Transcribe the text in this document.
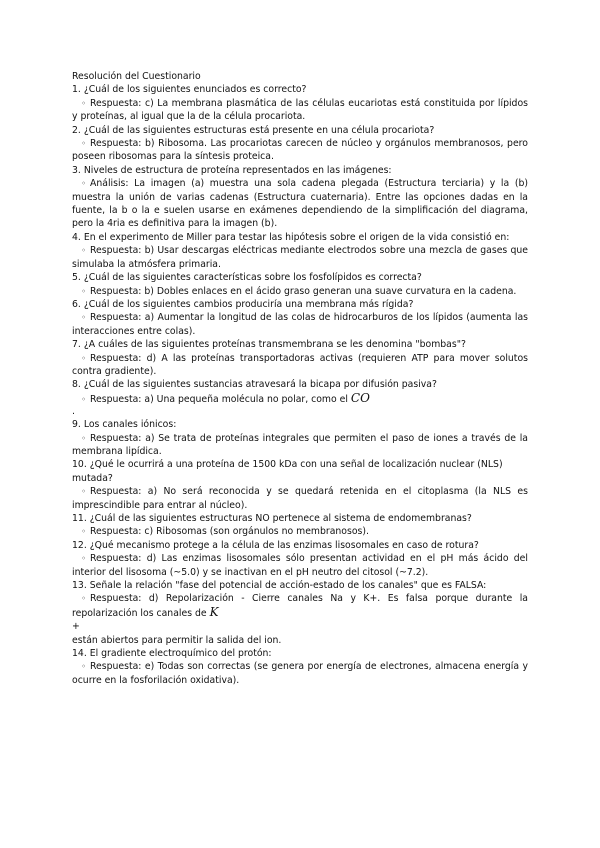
Resolución del Cuestionario
1. ¿Cuál de los siguientes enunciados es correcto?
◦ Respuesta: c) La membrana plasmática de las células eucariotas está constituida por lípidos y proteínas, al igual que la de la célula procariota.
2. ¿Cuál de las siguientes estructuras está presente en una célula procariota?
◦ Respuesta: b) Ribosoma. Las procariotas carecen de núcleo y orgánulos membranosos, pero poseen ribosomas para la síntesis proteica.
3. Niveles de estructura de proteína representados en las imágenes:
◦ Análisis: La imagen (a) muestra una sola cadena plegada (Estructura terciaria) y la (b) muestra la unión de varias cadenas (Estructura cuaternaria). Entre las opciones dadas en la fuente, la b o la e suelen usarse en exámenes dependiendo de la simplificación del diagrama, pero la 4ria es definitiva para la imagen (b).
4. En el experimento de Miller para testar las hipótesis sobre el origen de la vida consistió en:
◦ Respuesta: b) Usar descargas eléctricas mediante electrodos sobre una mezcla de gases que simulaba la atmósfera primaria.
5. ¿Cuál de las siguientes características sobre los fosfolípidos es correcta?
◦ Respuesta: b) Dobles enlaces en el ácido graso generan una suave curvatura en la cadena.
6. ¿Cuál de los siguientes cambios produciría una membrana más rígida?
◦ Respuesta: a) Aumentar la longitud de las colas de hidrocarburos de los lípidos (aumenta las interacciones entre colas).
7. ¿A cuáles de las siguientes proteínas transmembrana se les denomina "bombas"?
◦ Respuesta: d) A las proteínas transportadoras activas (requieren ATP para mover solutos contra gradiente).
8. ¿Cuál de las siguientes sustancias atravesará la bicapa por difusión pasiva?
◦ Respuesta: a) Una pequeña molécula no polar, como el CO
.
9. Los canales iónicos:
◦ Respuesta: a) Se trata de proteínas integrales que permiten el paso de iones a través de la membrana lipídica.
10. ¿Qué le ocurrirá a una proteína de 1500 kDa con una señal de localización nuclear (NLS) mutada?
◦ Respuesta: a) No será reconocida y se quedará retenida en el citoplasma (la NLS es imprescindible para entrar al núcleo).
11. ¿Cuál de las siguientes estructuras NO pertenece al sistema de endomembranas?
◦ Respuesta: c) Ribosomas (son orgánulos no membranosos).
12. ¿Qué mecanismo protege a la célula de las enzimas lisosomales en caso de rotura?
◦ Respuesta: d) Las enzimas lisosomales sólo presentan actividad en el pH más ácido del interior del lisosoma (~5.0) y se inactivan en el pH neutro del citosol (~7.2).
13. Señale la relación "fase del potencial de acción-estado de los canales" que es FALSA:
◦ Respuesta: d) Repolarización - Cierre canales Na y K+. Es falsa porque durante la repolarización los canales de K
+
están abiertos para permitir la salida del ion.
14. El gradiente electroquímico del protón:
◦ Respuesta: e) Todas son correctas (se genera por energía de electrones, almacena energía y ocurre en la fosforilación oxidativa).
